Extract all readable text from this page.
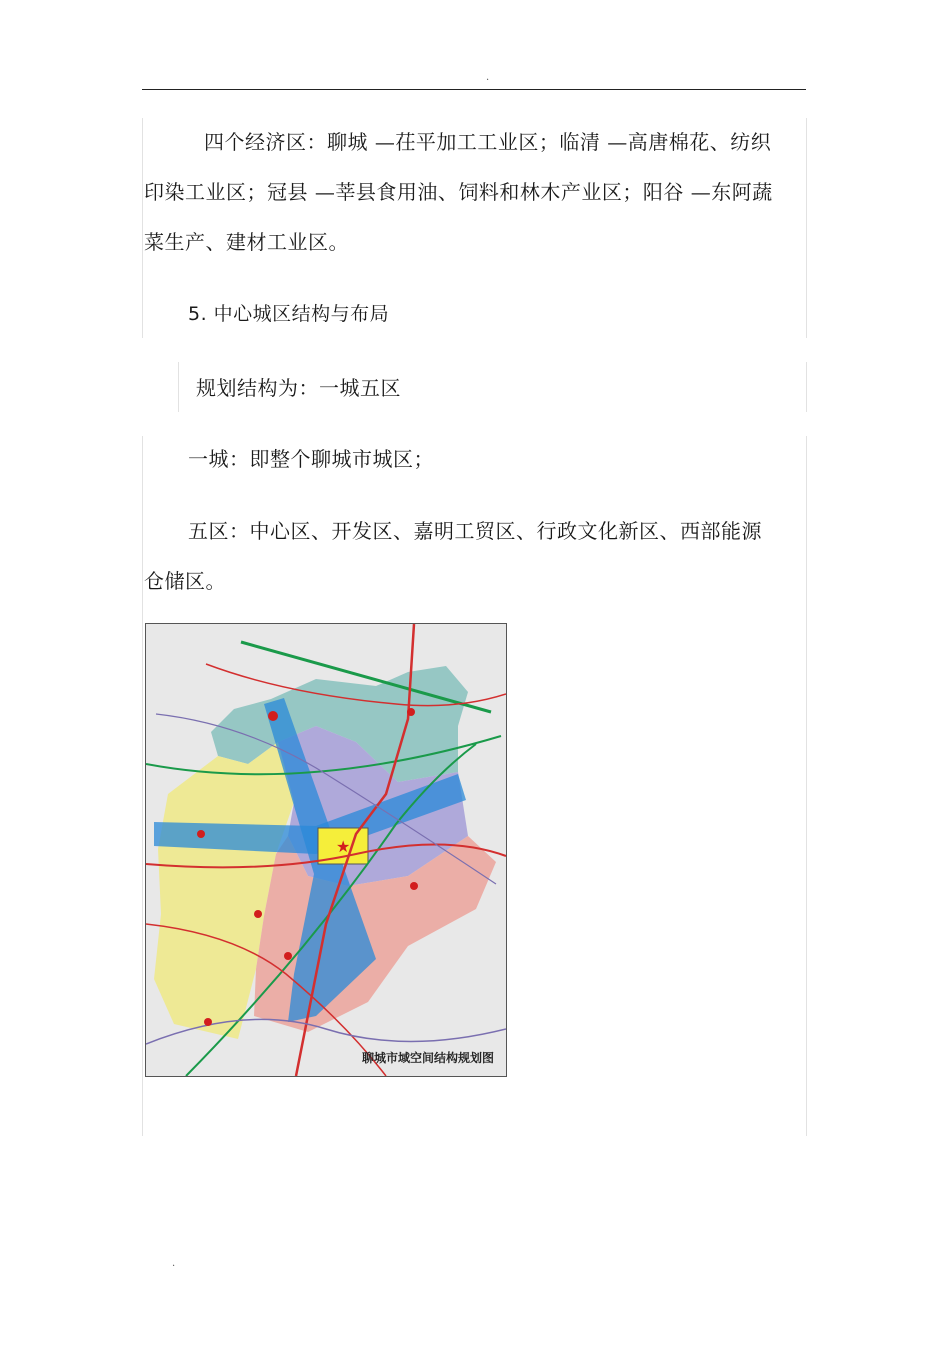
.
四个经济区：聊城 —茌平加工工业区；临清 —高唐棉花、纺织
印染工业区；冠县 —莘县食用油、饲料和林木产业区；阳谷 —东阿蔬
菜生产、建材工业区。
5. 中心城区结构与布局
规划结构为：一城五区
一城：即整个聊城市城区；
五区：中心区、开发区、嘉明工贸区、行政文化新区、西部能源
仓储区。
★
聊城市域空间结构规划图
.
